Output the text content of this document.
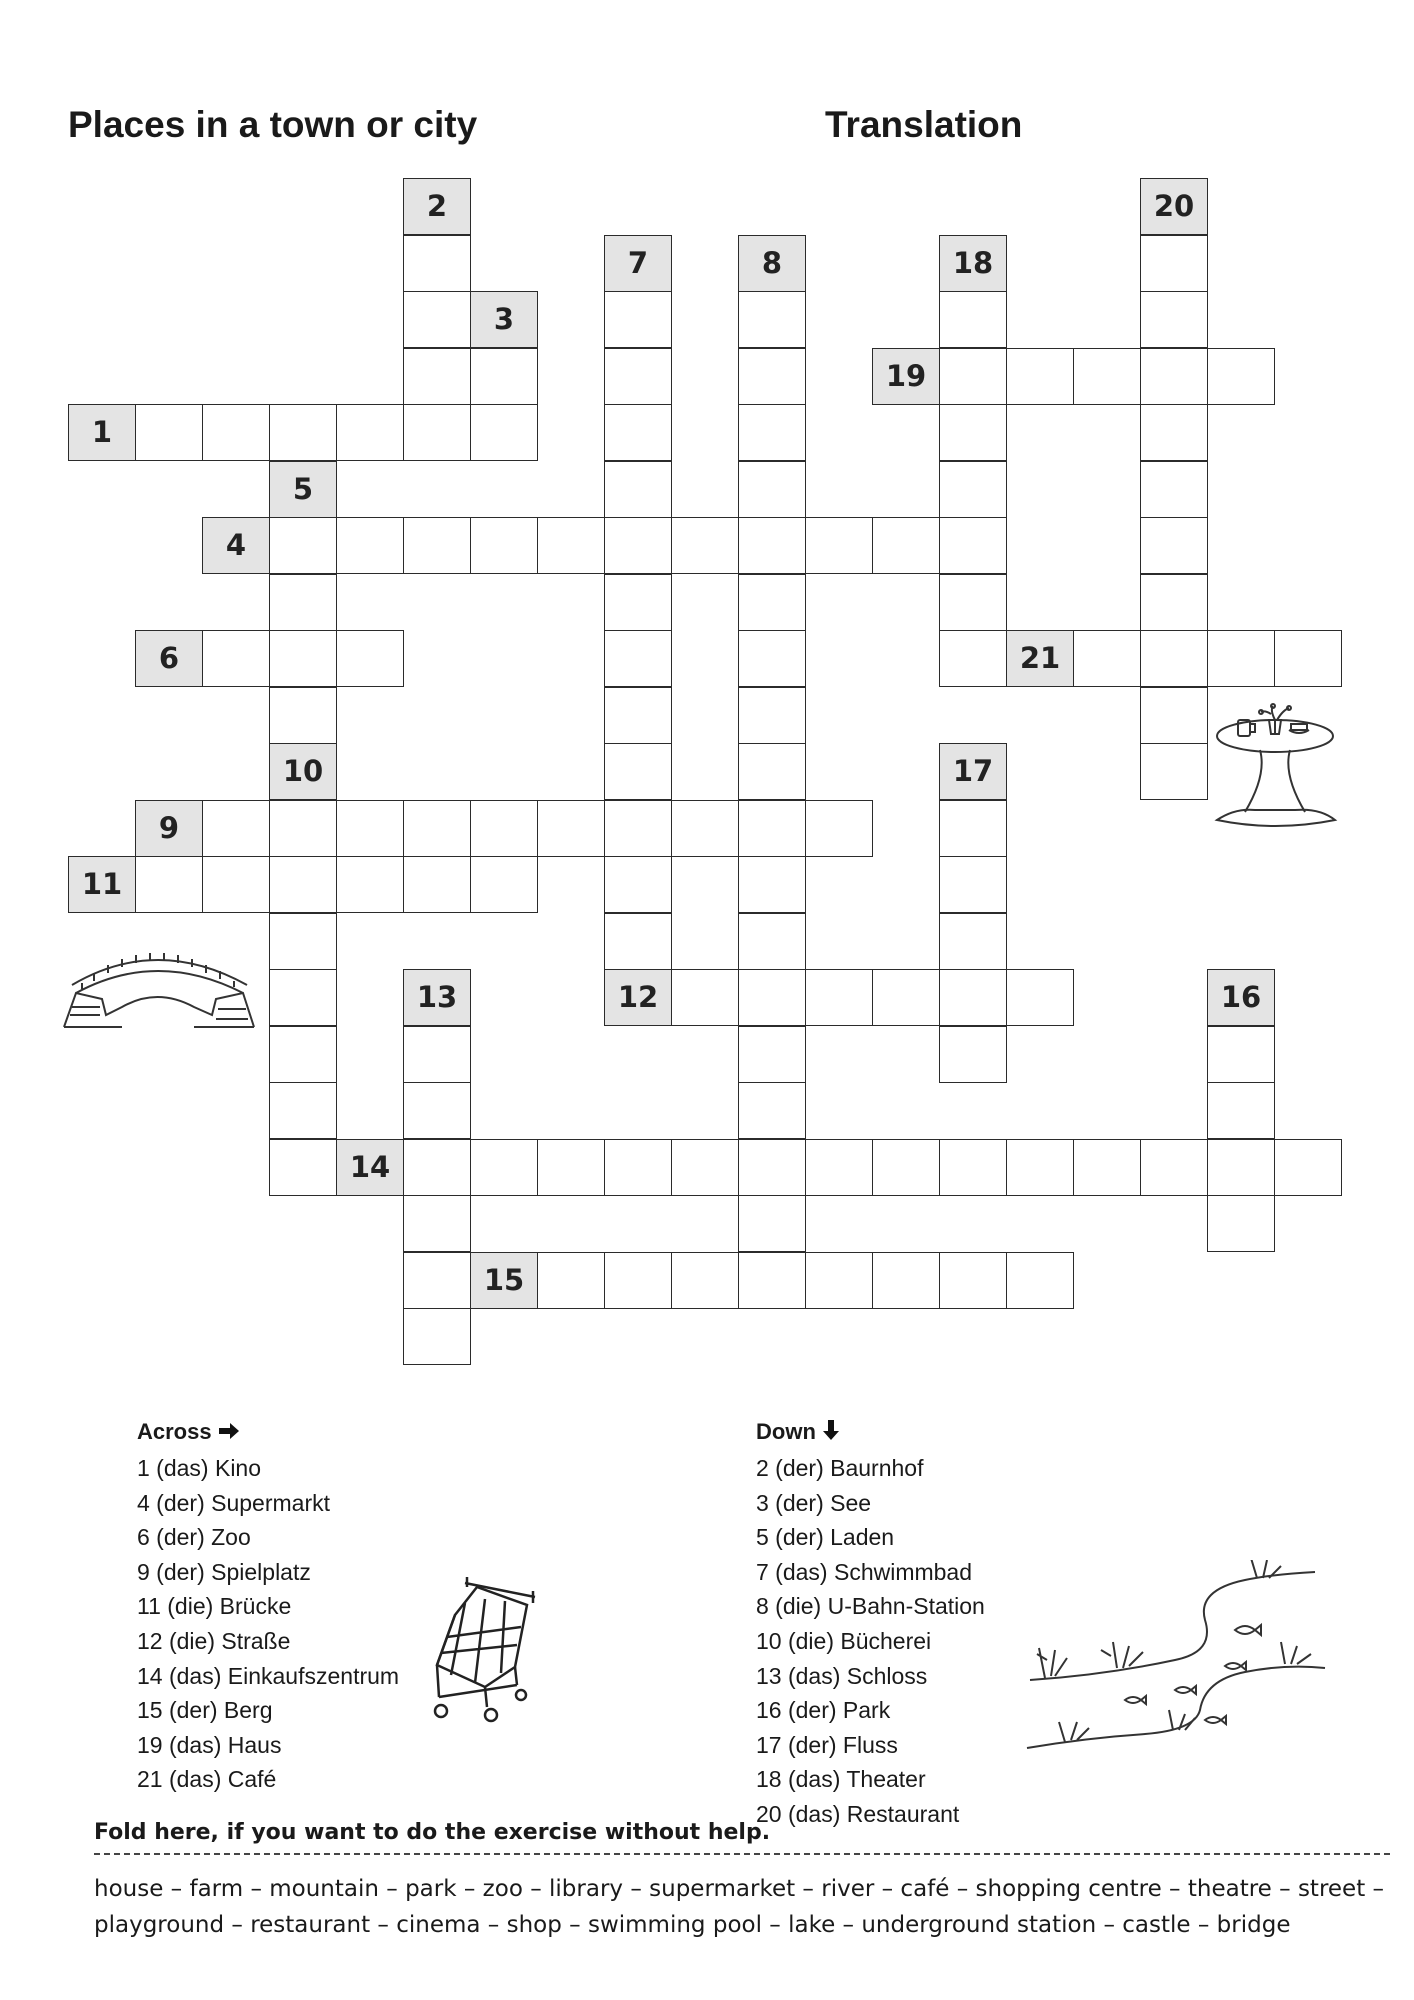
Places in a town or city	Translation
1
4
6
9
11
12
14
15
19
21
2
3
5
10
7	8
13	16
17
18
20
Across
1 (das) Kino
4 (der) Supermarkt
6 (der) Zoo
9 (der) Spielplatz
11 (die) Brücke
12 (die) Straße
14 (das) Einkaufszentrum
15 (der) Berg
19 (das) Haus
21 (das) Café
Down
2 (der) Baurnhof
3 (der) See
5 (der) Laden
7 (das) Schwimmbad
8 (die) U-Bahn-Station
10 (die) Bücherei
13 (das) Schloss
16 (der) Park
17 (der) Fluss
18 (das) Theater
20 (das) Restaurant
Fold here, if you want to do the exercise without help.
house – farm – mountain – park – zoo – library – supermarket – river – café – shopping centre – theatre – street –
playground – restaurant – cinema – shop – swimming pool – lake – underground station – castle – bridge
